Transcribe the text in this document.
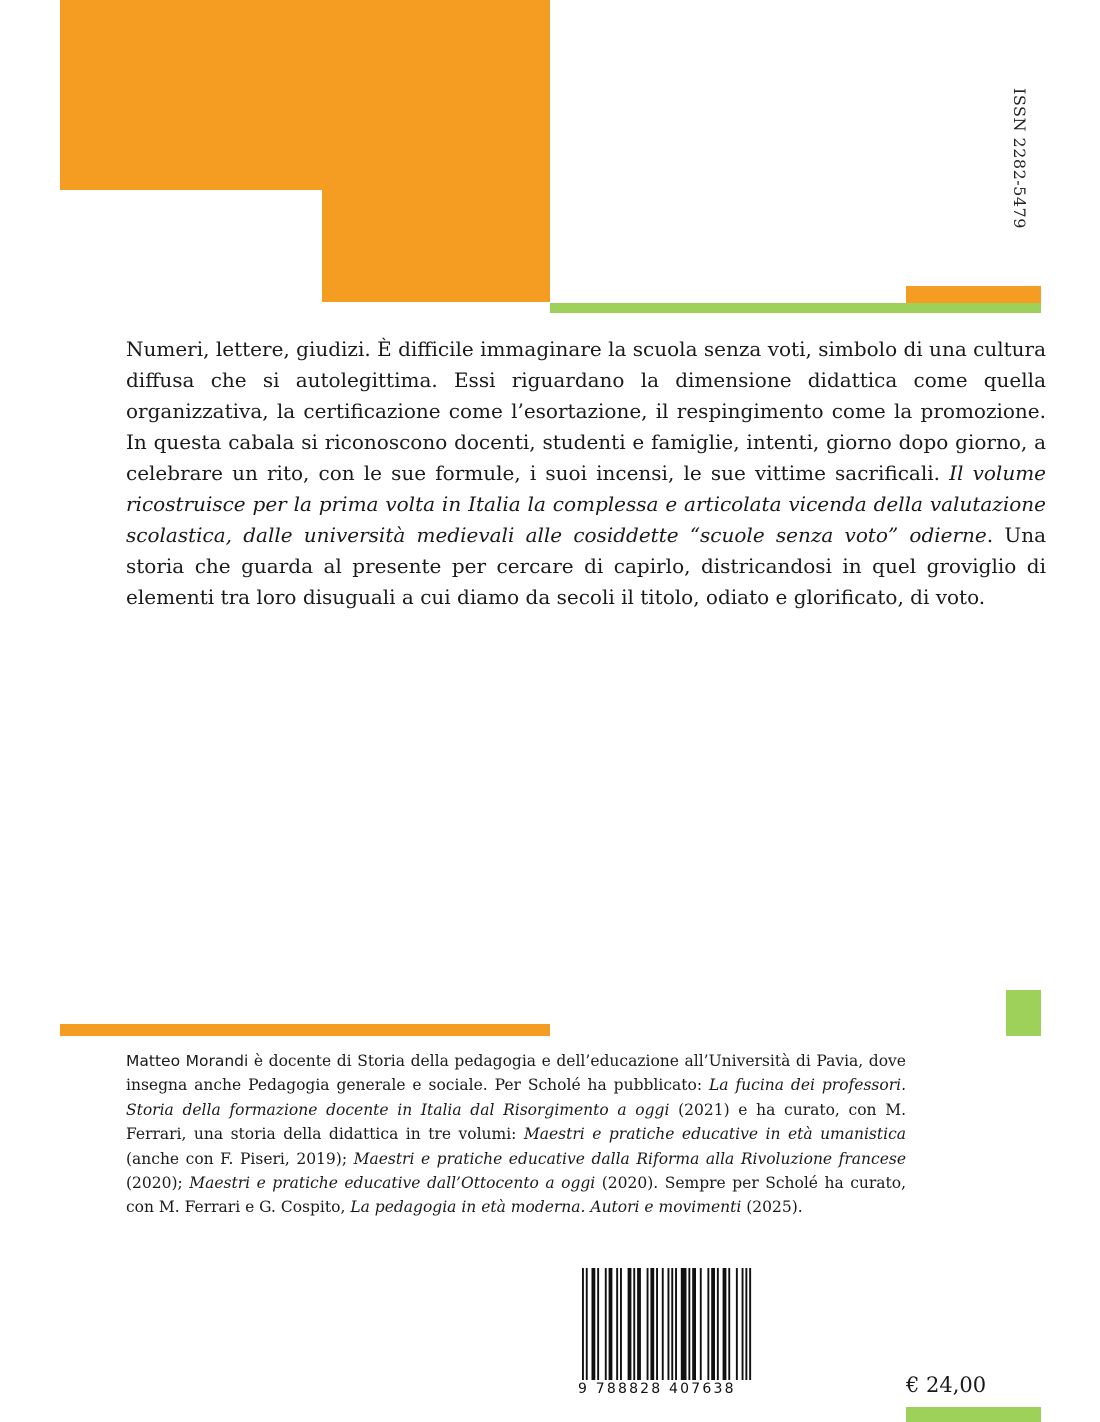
ISSN 2282-5479

Numeri, lettere, giudizi. È difficile immaginare la scuola senza voti, simbolo di una cultura diffusa che si autolegittima. Essi riguardano la dimensione didattica come quella organizzativa, la certificazione come l’esortazione, il respingimento come la promozione. In questa cabala si riconoscono docenti, studenti e famiglie, intenti, giorno dopo giorno, a celebrare un rito, con le sue formule, i suoi incensi, le sue vittime sacrificali. Il volume ricostruisce per la prima volta in Italia la complessa e articolata vicenda della valutazione scolastica, dalle università medievali alle cosiddette “scuole senza voto” odierne. Una storia che guarda al presente per cercare di capirlo, districandosi in quel groviglio di elementi tra loro disuguali a cui diamo da secoli il titolo, odiato e glorificato, di voto.

Matteo Morandi è docente di Storia della pedagogia e dell’educazione all’Università di Pavia, dove insegna anche Pedagogia generale e sociale. Per Scholé ha pubblicato: La fucina dei professori. Storia della formazione docente in Italia dal Risorgimento a oggi (2021) e ha curato, con M. Ferrari, una storia della didattica in tre volumi: Maestri e pratiche educative in età umanistica (anche con F. Piseri, 2019); Maestri e pratiche educative dalla Riforma alla Rivoluzione francese (2020); Maestri e pratiche educative dall’Ottocento a oggi (2020). Sempre per Scholé ha curato, con M. Ferrari e G. Cospito, La pedagogia in età moderna. Autori e movimenti (2025).

9 788828 407638	€ 24,00
